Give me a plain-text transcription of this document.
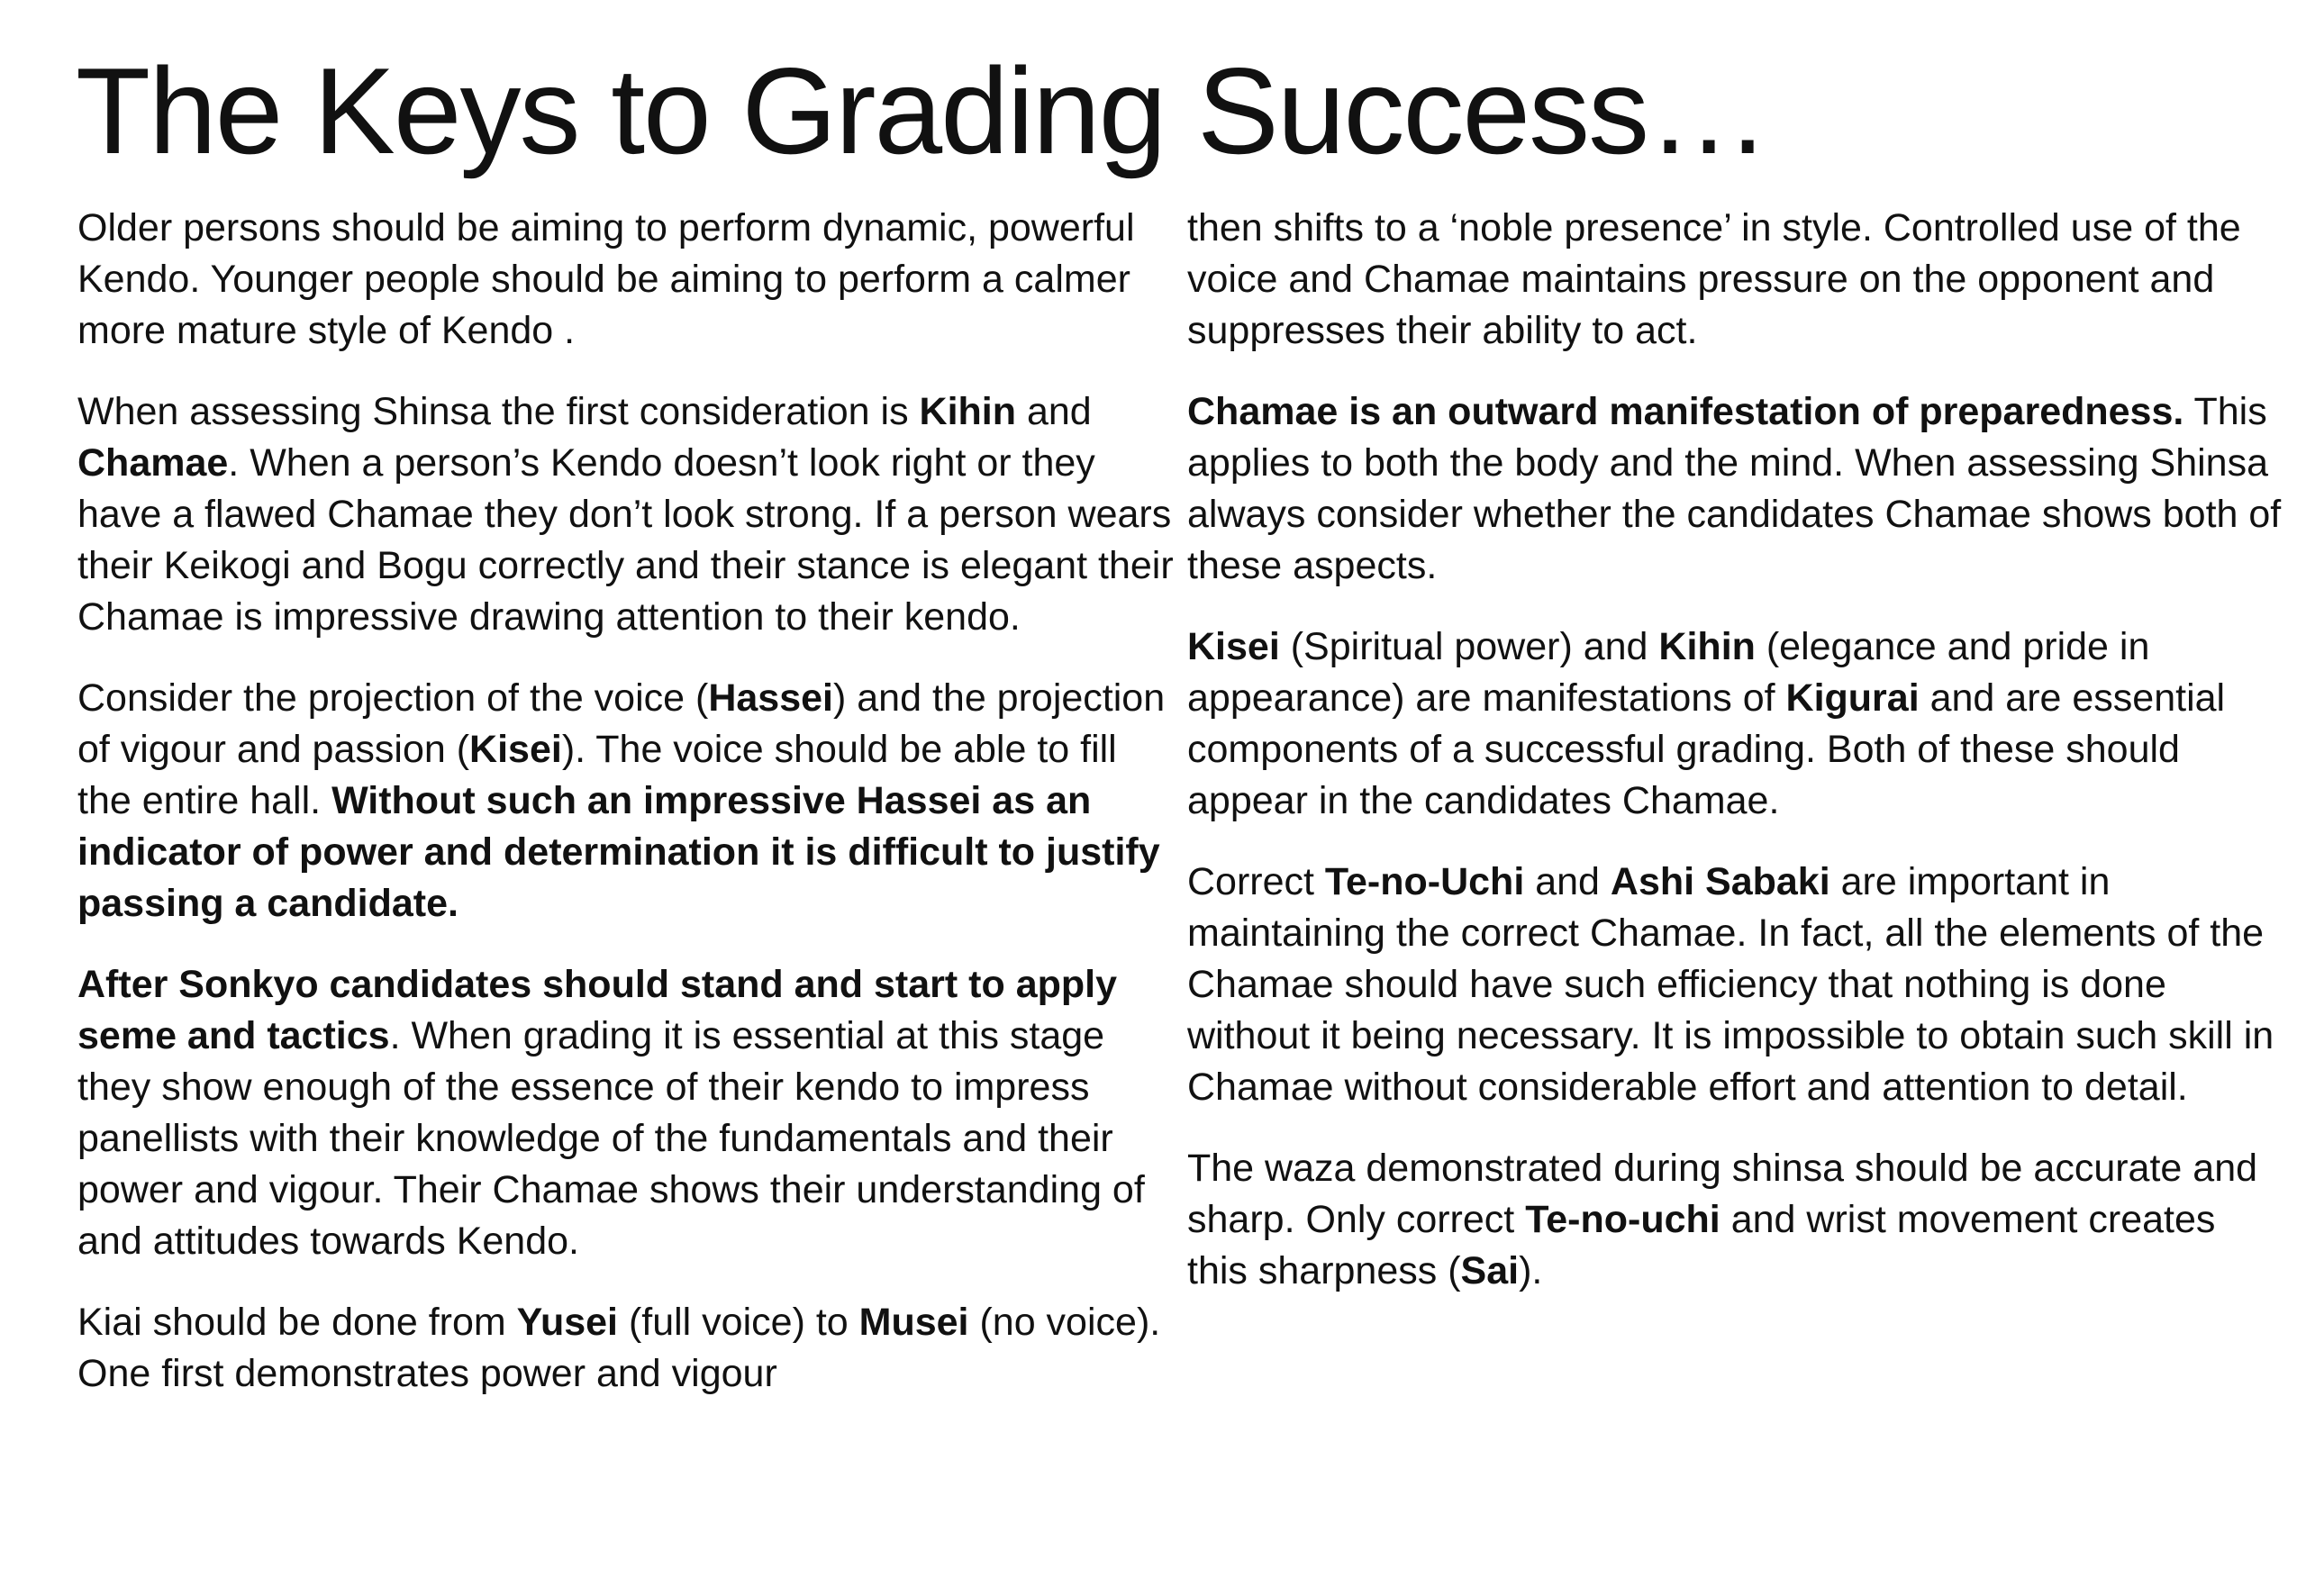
The Keys to Grading Success…

Older persons should be aiming to perform dynamic, powerful Kendo. Younger people should be aiming to perform a calmer more mature style of Kendo .

When assessing Shinsa the first consideration is Kihin and Chamae. When a person’s Kendo doesn’t look right or they have a flawed Chamae they don’t look strong. If a person wears their Keikogi and Bogu correctly and their stance is elegant their Chamae is impressive drawing attention to their kendo.

Consider the projection of the voice (Hassei) and the projection of vigour and passion (Kisei). The voice should be able to fill the entire hall. Without such an impressive Hassei as an indicator of power and determination it is difficult to justify passing a candidate.

After Sonkyo candidates should stand and start to apply seme and tactics. When grading it is essential at this stage they show enough of the essence of their kendo to impress panellists with their knowledge of the fundamentals and their power and vigour. Their Chamae shows their understanding of and attitudes towards Kendo.

Kiai should be done from Yusei (full voice) to Musei (no voice). One first demonstrates power and vigour

then shifts to a ‘noble presence’ in style. Controlled use of the voice and Chamae maintains pressure on the opponent and suppresses their ability to act.

Chamae is an outward manifestation of preparedness. This applies to both the body and the mind. When assessing Shinsa always consider whether the candidates Chamae shows both of these aspects.

Kisei (Spiritual power) and Kihin (elegance and pride in appearance) are manifestations of Kigurai and are essential components of a successful grading. Both of these should appear in the candidates Chamae.

Correct Te-no-Uchi and Ashi Sabaki are important in maintaining the correct Chamae. In fact, all the elements of the Chamae should have such efficiency that nothing is done without it being necessary. It is impossible to obtain such skill in Chamae without considerable effort and attention to detail.

The waza demonstrated during shinsa should be accurate and sharp. Only correct Te-no-uchi and wrist movement creates this sharpness (Sai).
